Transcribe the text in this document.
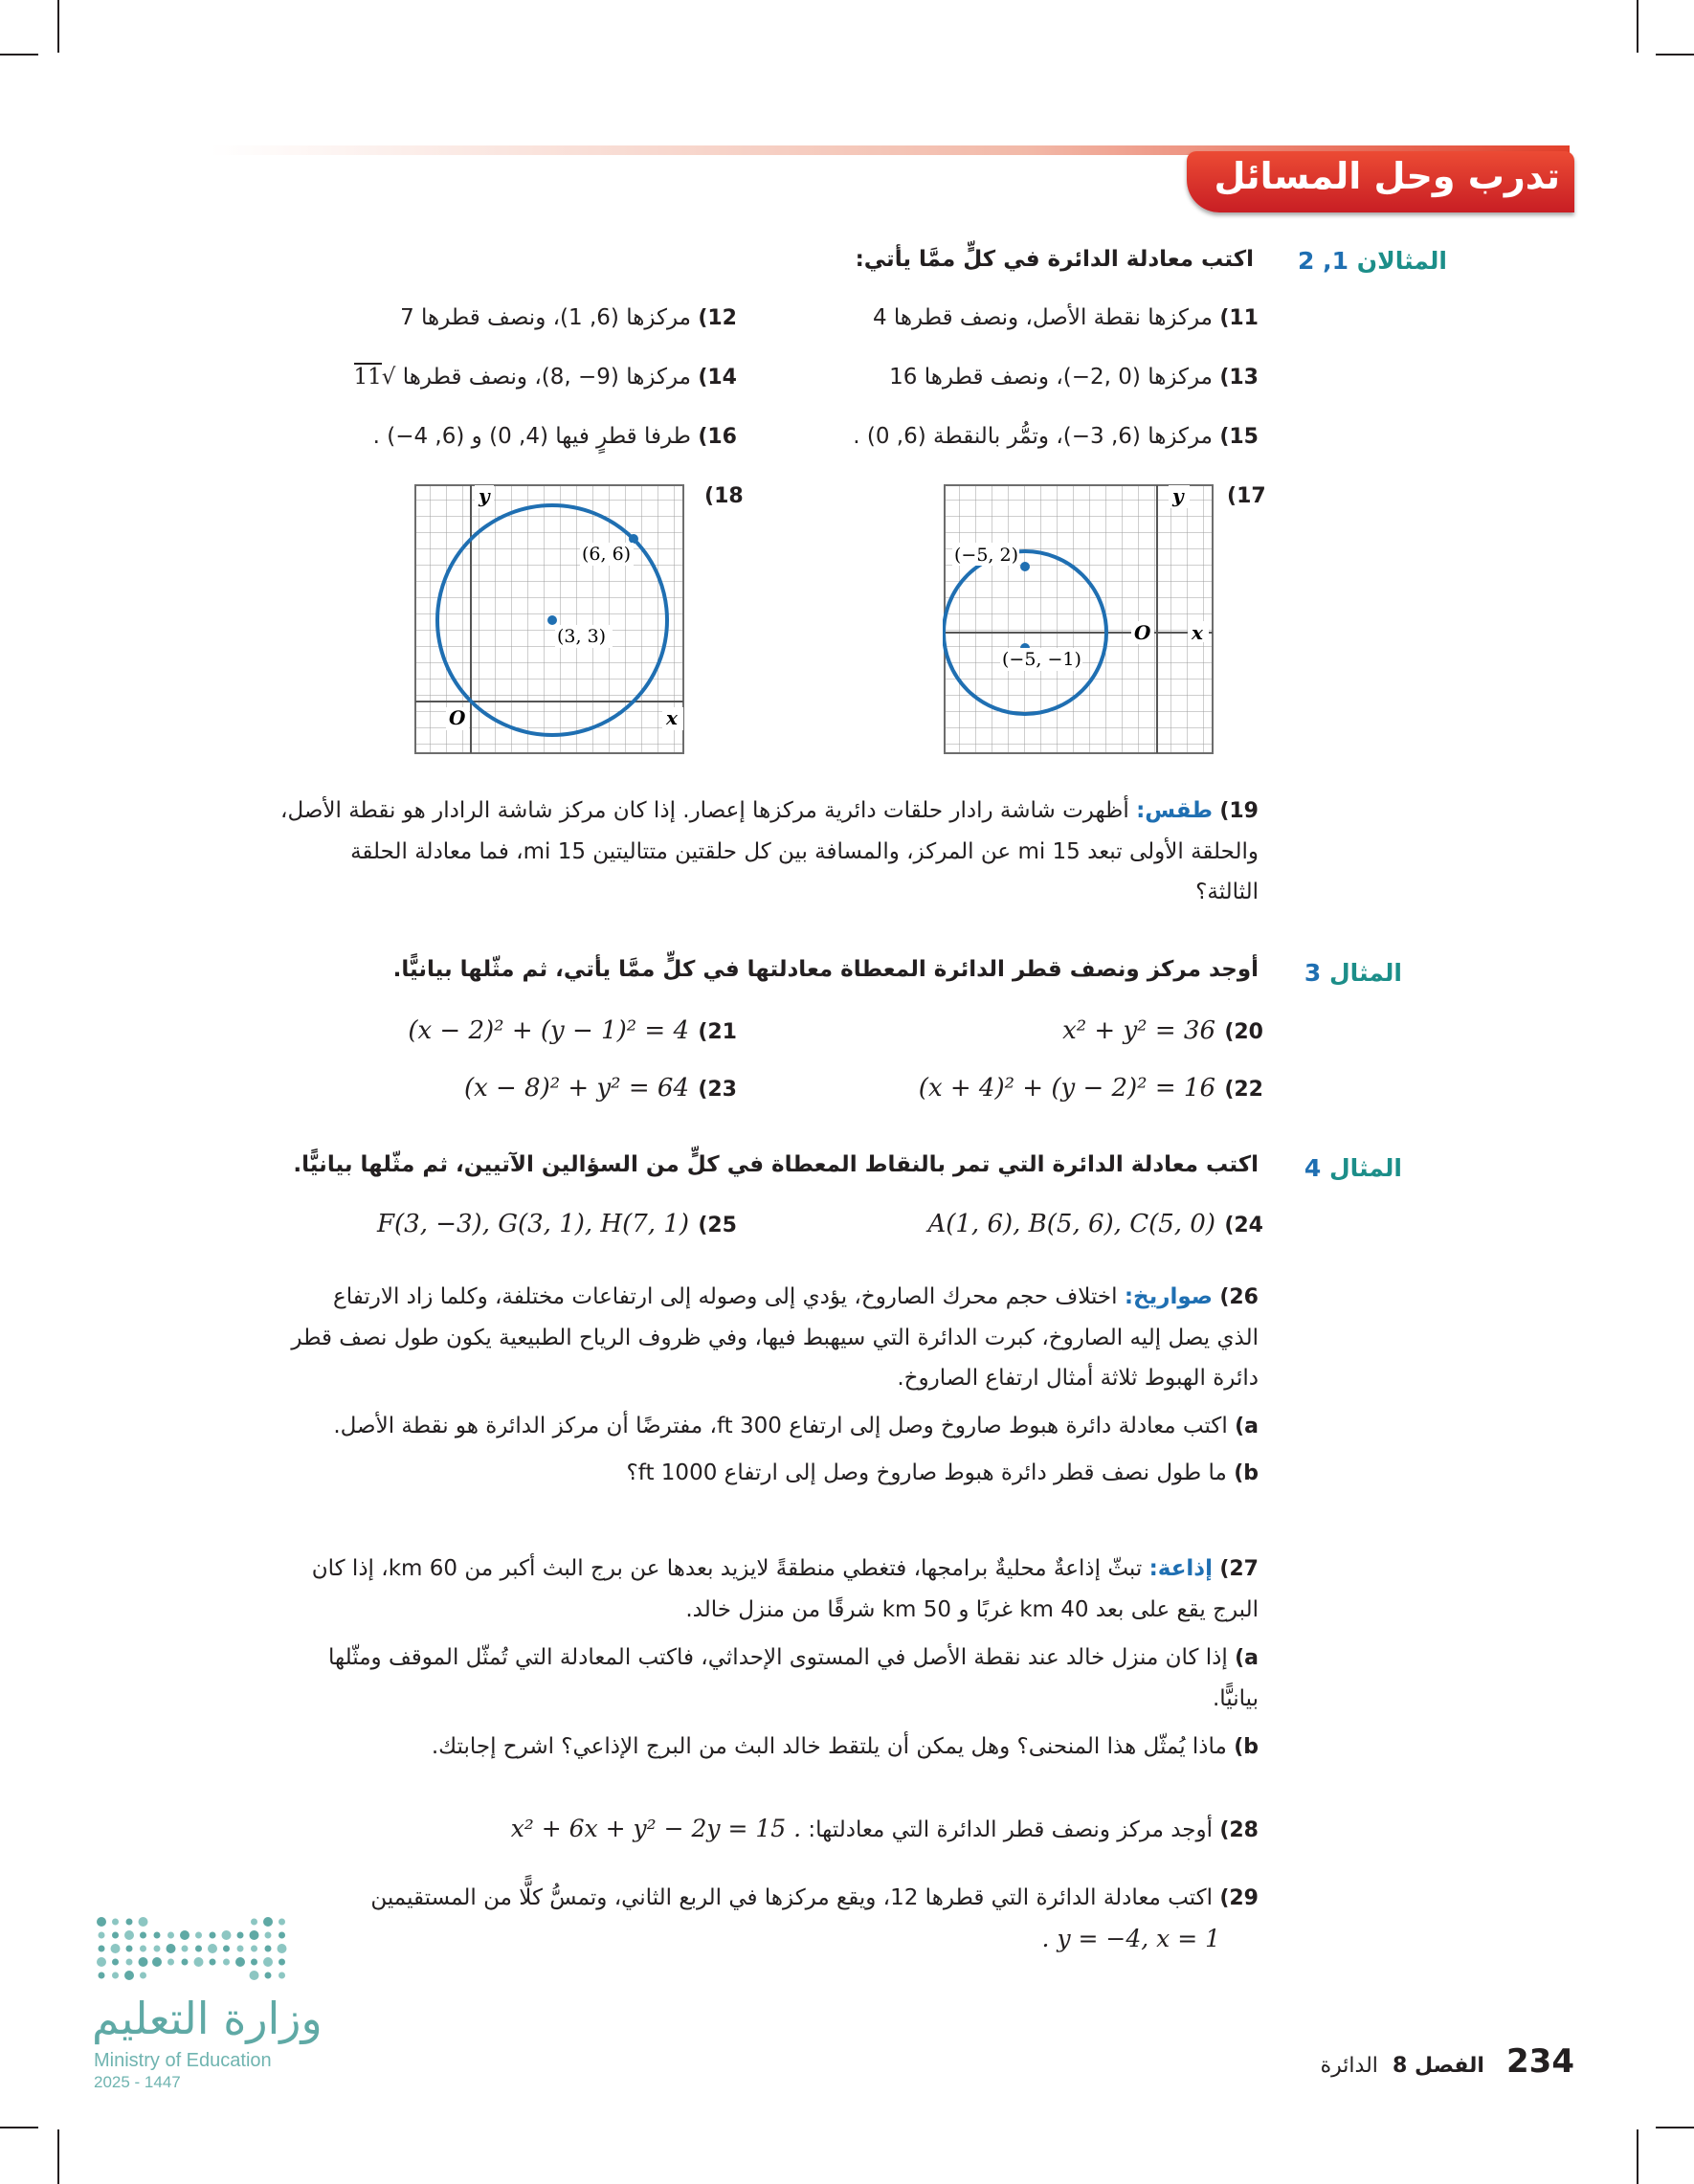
تدرب وحل المسائل
المثالان 1, 2
اكتب معادلة الدائرة في كلٍّ ممَّا يأتي:
11) مركزها نقطة الأصل، ونصف قطرها 4
12) مركزها (6, 1)، ونصف قطرها 7
13) مركزها (0 ,2−)، ونصف قطرها 16
14) مركزها (9− ,8)، ونصف قطرها √11
15) مركزها (6, 3−)، وتمُّر بالنقطة (6, 0) .
16) طرفا قطرٍ فيها (4, 0) و (6, 4−) .
17)
y
x
O
(−5, 2)
(−5, −1)
18)
y
x
O
(6, 6)
(3, 3)
19) طقس: أظهرت شاشة رادار حلقات دائرية مركزها إعصار. إذا كان مركز شاشة الرادار هو نقطة الأصل،
والحلقة الأولى تبعد 15 mi عن المركز، والمسافة بين كل حلقتين متتاليتين 15 mi، فما معادلة الحلقة
الثالثة؟
المثال 3
أوجد مركز ونصف قطر الدائرة المعطاة معادلتها في كلٍّ ممَّا يأتي، ثم مثّلها بيانيًّا.
20)
x² + y² = 36
21)
(x − 2)² + (y − 1)² = 4
22)
(x + 4)² + (y − 2)² = 16
23)
(x − 8)² + y² = 64
المثال 4
اكتب معادلة الدائرة التي تمر بالنقاط المعطاة في كلٍّ من السؤالين الآتيين، ثم مثّلها بيانيًّا.
24)
A(1, 6), B(5, 6), C(5, 0)
25)
F(3, −3), G(3, 1), H(7, 1)
26) صواريخ: اختلاف حجم محرك الصاروخ، يؤدي إلى وصوله إلى ارتفاعات مختلفة، وكلما زاد الارتفاع
الذي يصل إليه الصاروخ، كبرت الدائرة التي سيهبط فيها، وفي ظروف الرياح الطبيعية يكون طول نصف قطر
دائرة الهبوط ثلاثة أمثال ارتفاع الصاروخ.
a) اكتب معادلة دائرة هبوط صاروخ وصل إلى ارتفاع 300 ft، مفترضًا أن مركز الدائرة هو نقطة الأصل.
b) ما طول نصف قطر دائرة هبوط صاروخ وصل إلى ارتفاع 1000 ft؟
27) إذاعة: تبثّ إذاعةٌ محليةٌ برامجها، فتغطي منطقةً لايزيد بعدها عن برج البث أكبر من 60 km، إذا كان
البرج يقع على بعد 40 km غربًا و 50 km شرقًا من منزل خالد.
a) إذا كان منزل خالد عند نقطة الأصل في المستوى الإحداثي، فاكتب المعادلة التي تُمثّل الموقف ومثّلها
بيانيًّا.
b) ماذا يُمثّل هذا المنحنى؟ وهل يمكن أن يلتقط خالد البث من البرج الإذاعي؟ اشرح إجابتك.
28) أوجد مركز ونصف قطر الدائرة التي معادلتها: x² + 6x + y² − 2y = 15 .
29) اكتب معادلة الدائرة التي قطرها 12، ويقع مركزها في الربع الثاني، وتمسُّ كلًّا من المستقيمين
. y = −4, x = 1
وزارة التعليم
Ministry of Education
2025 - 1447
234 الفصل 8 الدائرة
